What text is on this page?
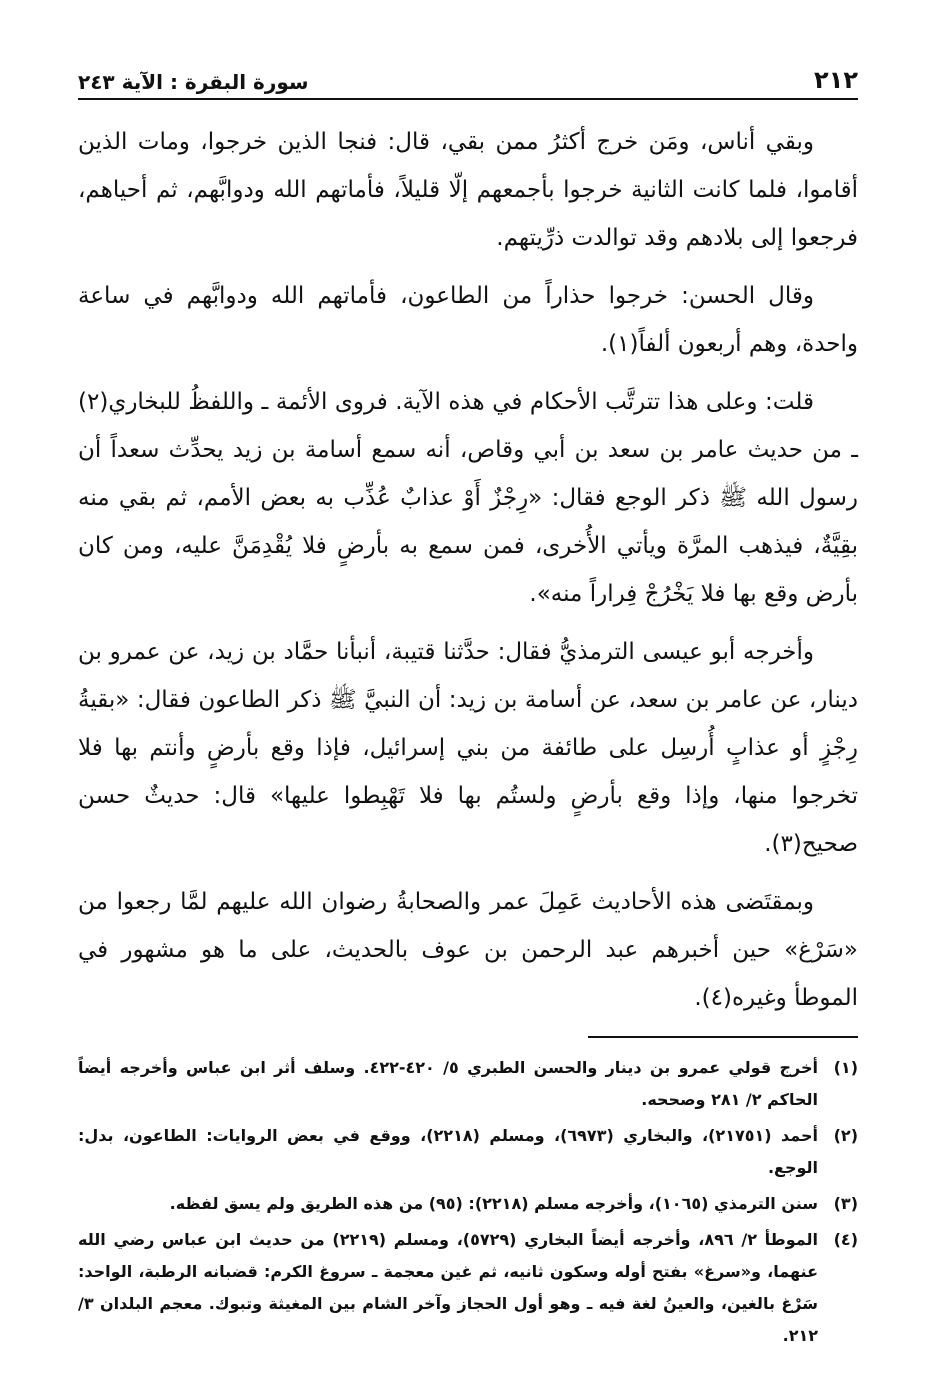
٢١٢
سورة البقرة : الآية ٢٤٣

وبقي أناس، ومَن خرج أكثرُ ممن بقي، قال: فنجا الذين خرجوا، ومات الذين أقاموا، فلما كانت الثانية خرجوا بأجمعهم إلّا قليلاً، فأماتهم الله ودوابَّهم، ثم أحياهم، فرجعوا إلى بلادهم وقد توالدت ذرِّيتهم.

وقال الحسن: خرجوا حذاراً من الطاعون، فأماتهم الله ودوابَّهم في ساعة واحدة، وهم أربعون ألفاً(١).

قلت: وعلى هذا تترتَّب الأحكام في هذه الآية. فروى الأئمة ـ واللفظُ للبخاري(٢) ـ من حديث عامر بن سعد بن أبي وقاص، أنه سمع أسامة بن زيد يحدِّث سعداً أن رسول الله ﷺ ذكر الوجع فقال: «رِجْزٌ أَوْ عذابٌ عُذِّب به بعض الأمم، ثم بقي منه بقِيَّةٌ، فيذهب المرَّة ويأتي الأُخرى، فمن سمع به بأرضٍ فلا يُقْدِمَنَّ عليه، ومن كان بأرض وقع بها فلا يَخْرُجْ فِراراً منه».

وأخرجه أبو عيسى الترمذيُّ فقال: حدَّثنا قتيبة، أنبأنا حمَّاد بن زيد، عن عمرو بن دينار، عن عامر بن سعد، عن أسامة بن زيد: أن النبيَّ ﷺ ذكر الطاعون فقال: «بقيةُ رِجْزٍ أو عذابٍ أُرسِل على طائفة من بني إسرائيل، فإذا وقع بأرضٍ وأنتم بها فلا تخرجوا منها، وإذا وقع بأرضٍ ولستُم بها فلا تَهْبِطوا عليها» قال: حديثٌ حسن صحيح(٣).

وبمقتَضى هذه الأحاديث عَمِلَ عمر والصحابةُ رضوان الله عليهم لمَّا رجعوا من «سَرْغ» حين أخبرهم عبد الرحمن بن عوف بالحديث، على ما هو مشهور في الموطأ وغيره(٤).

(١)
أخرج قولي عمرو بن دينار والحسن الطبري ٥/ ٤٢٠-٤٢٢. وسلف أثر ابن عباس وأخرجه أيضاً الحاكم ٢/ ٢٨١ وصححه.
(٢)
أحمد (٢١٧٥١)، والبخاري (٦٩٧٣)، ومسلم (٢٢١٨)، ووقع في بعض الروايات: الطاعون، بدل: الوجع.
(٣)
سنن الترمذي (١٠٦٥)، وأخرجه مسلم (٢٢١٨): (٩٥) من هذه الطريق ولم يسق لفظه.
(٤)
الموطأ ٢/ ٨٩٦، وأخرجه أيضاً البخاري (٥٧٢٩)، ومسلم (٢٢١٩) من حديث ابن عباس رضي الله عنهما، و«سرغ» بفتح أوله وسكون ثانيه، ثم غين معجمة ـ سروغ الكرم: قضبانه الرطبة، الواحد: سَرْغ بالغين، والعينُ لغة فيه ـ وهو أول الحجاز وآخر الشام بين المغيثة وتبوك. معجم البلدان ٣/ ٢١٢.
